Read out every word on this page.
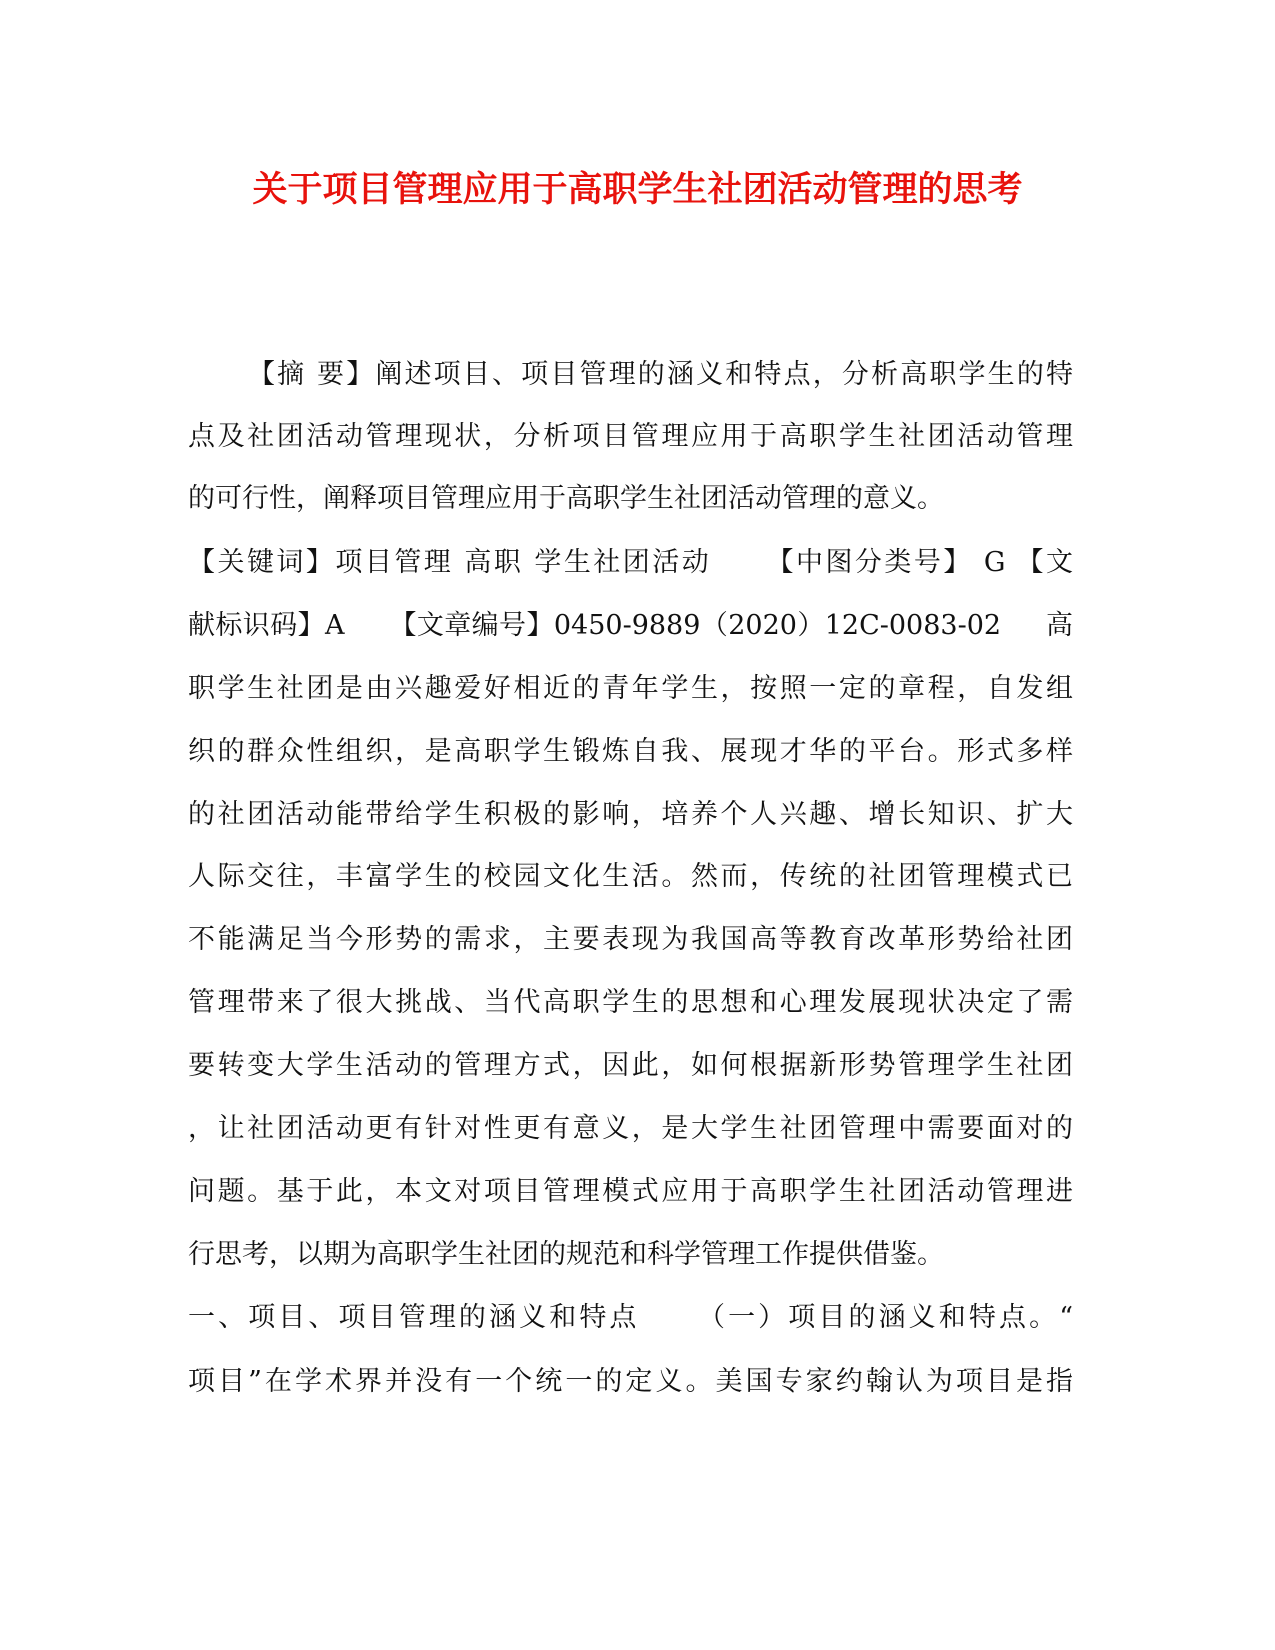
关于项目管理应用于高职学生社团活动管理的思考

【摘 要】阐述项目、项目管理的涵义和特点，分析高职学生的特

点及社团活动管理现状，分析项目管理应用于高职学生社团活动管理

的可行性，阐释项目管理应用于高职学生社团活动管理的意义。

【关键词】项目管理 高职 学生社团活动     【中图分类号】 G 【文

献标识码】A     【文章编号】0450-9889（2020）12C-0083-02     高

职学生社团是由兴趣爱好相近的青年学生，按照一定的章程，自发组

织的群众性组织，是高职学生锻炼自我、展现才华的平台。形式多样

的社团活动能带给学生积极的影响，培养个人兴趣、增长知识、扩大

人际交往，丰富学生的校园文化生活。然而，传统的社团管理模式已

不能满足当今形势的需求，主要表现为我国高等教育改革形势给社团

管理带来了很大挑战、当代高职学生的思想和心理发展现状决定了需

要转变大学生活动的管理方式，因此，如何根据新形势管理学生社团

，让社团活动更有针对性更有意义，是大学生社团管理中需要面对的

问题。基于此，本文对项目管理模式应用于高职学生社团活动管理进

行思考，以期为高职学生社团的规范和科学管理工作提供借鉴。

一、项目、项目管理的涵义和特点     （一）项目的涵义和特点。“

项目”在学术界并没有一个统一的定义。美国专家约翰认为项目是指
